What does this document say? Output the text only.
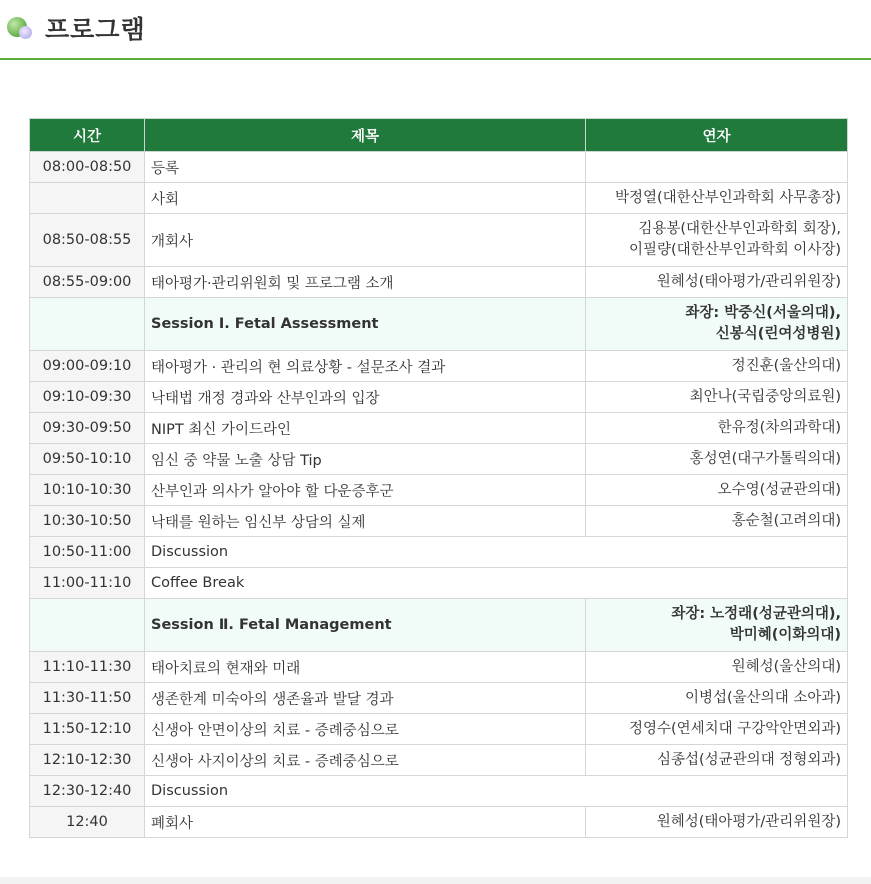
프로그램
시간	제목	연자
08:00-08:50	등록	
	사회	박정열(대한산부인과학회 사무총장)
08:50-08:55	개회사	김용봉(대한산부인과학회 회장),
이필량(대한산부인과학회 이사장)

08:55-09:00	태아평가·관리위원회 및 프로그램 소개	원혜성(태아평가/관리위원장)
	Session Ⅰ. Fetal Assessment	좌장: 박중신(서울의대),
신봉식(린여성병원)

09:00-09:10	태아평가 · 관리의 현 의료상황 - 설문조사 결과	정진훈(울산의대)
09:10-09:30	낙태법 개정 경과와 산부인과의 입장	최안나(국립중앙의료원)
09:30-09:50	NIPT 최신 가이드라인	한유정(차의과학대)
09:50-10:10	임신 중 약물 노출 상담 Tip	홍성연(대구가톨릭의대)
10:10-10:30	산부인과 의사가 알아야 할 다운증후군	오수영(성균관의대)
10:30-10:50	낙태를 원하는 임신부 상담의 실제	홍순철(고려의대)
10:50-11:00	Discussion	
11:00-11:10	Coffee Break	
	Session Ⅱ. Fetal Management	좌장: 노정래(성균관의대),
박미혜(이화의대)

11:10-11:30	태아치료의 현재와 미래	원혜성(울산의대)
11:30-11:50	생존한계 미숙아의 생존율과 발달 경과	이병섭(울산의대 소아과)
11:50-12:10	신생아 안면이상의 치료 - 증례중심으로	정영수(연세치대 구강악안면외과)
12:10-12:30	신생아 사지이상의 치료 - 증례중심으로	심종섭(성균관의대 정형외과)
12:30-12:40	Discussion	
12:40	폐회사	원혜성(태아평가/관리위원장)
